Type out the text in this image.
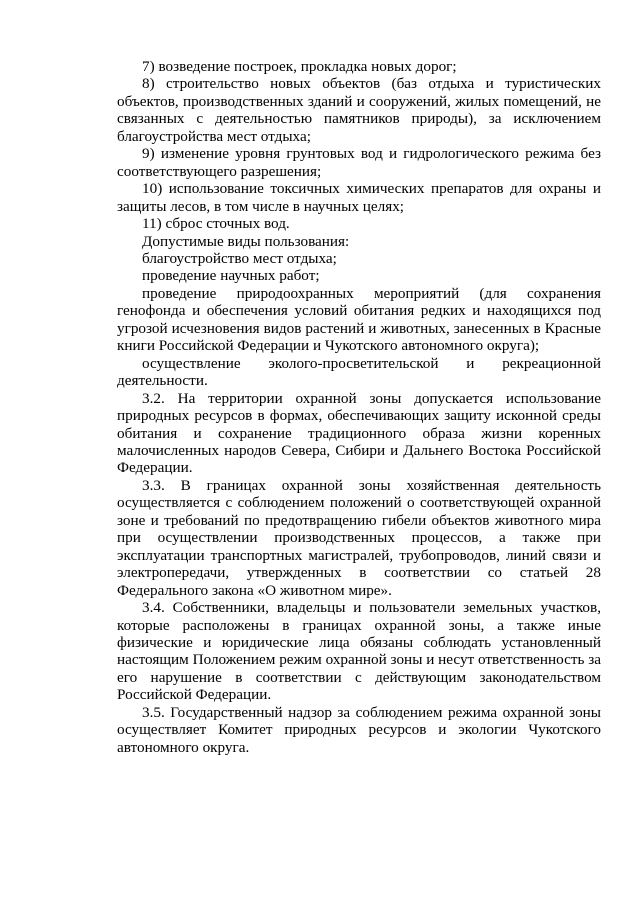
7) возведение построек, прокладка новых дорог;

8) строительство новых объектов (баз отдыха и туристических объектов, производственных зданий и сооружений, жилых помещений, не связанных с деятельностью памятников природы), за исключением благоустройства мест отдыха;

9) изменение уровня грунтовых вод и гидрологического режима без соответствующего разрешения;

10) использование токсичных химических препаратов для охраны и защиты лесов, в том числе в научных целях;

11) сброс сточных вод.

Допустимые виды пользования:

благоустройство мест отдыха;

проведение научных работ;

проведение природоохранных мероприятий (для сохранения генофонда и обеспечения условий обитания редких и находящихся под угрозой исчезновения видов растений и животных, занесенных в Красные книги Российской Федерации и Чукотского автономного округа);

осуществление эколого-просветительской и рекреационной деятельности.

3.2. На территории охранной зоны допускается использование природных ресурсов в формах, обеспечивающих защиту исконной среды обитания и сохранение традиционного образа жизни коренных малочисленных народов Севера, Сибири и Дальнего Востока Российской Федерации.

3.3. В границах охранной зоны хозяйственная деятельность осуществляется с соблюдением положений о соответствующей охранной зоне и требований по предотвращению гибели объектов животного мира при осуществлении производственных процессов, а также при эксплуатации транспортных магистралей, трубопроводов, линий связи и электропередачи, утвержденных в соответствии со статьей 28 Федерального закона «О животном мире».

3.4. Собственники, владельцы и пользователи земельных участков, которые расположены в границах охранной зоны, а также иные физические и юридические лица обязаны соблюдать установленный настоящим Положением режим охранной зоны и несут ответственность за его нарушение в соответствии с действующим законодательством Российской Федерации.

3.5. Государственный надзор за соблюдением режима охранной зоны осуществляет Комитет природных ресурсов и экологии Чукотского автономного округа.
